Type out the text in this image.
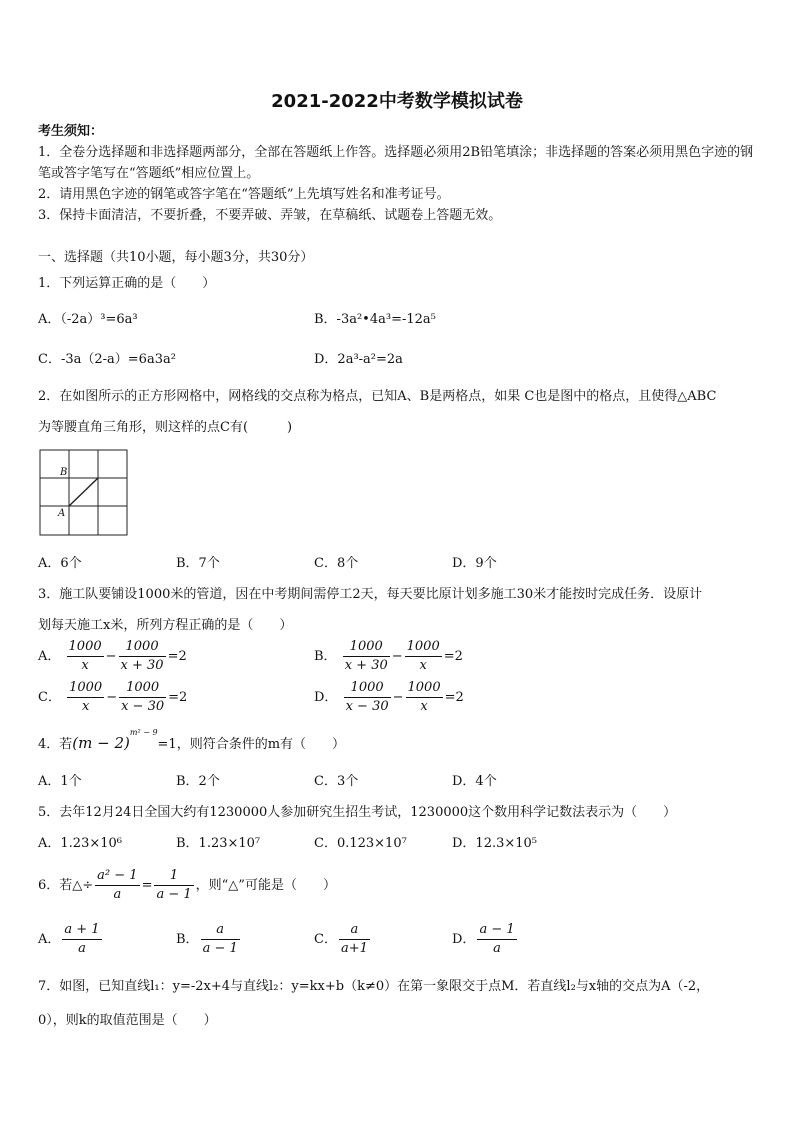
2021-2022中考数学模拟试卷
考生须知：
1．全卷分选择题和非选择题两部分，全部在答题纸上作答。选择题必须用2B铅笔填涂；非选择题的答案必须用黑色字迹的钢笔或答字笔写在“答题纸”相应位置上。
2．请用黑色字迹的钢笔或答字笔在“答题纸”上先填写姓名和准考证号。
3．保持卡面清洁，不要折叠，不要弄破、弄皱，在草稿纸、试题卷上答题无效。
一、选择题（共10小题，每小题3分，共30分）
1．下列运算正确的是（　　）
A．（-2a）³=6a³	B．-3a²•4a³=-12a⁵
C．-3a（2-a）=6a3a²	D．2a³-a²=2a
2．在如图所示的正方形网格中，网格线的交点称为格点，已知A、B是两格点，如果 C也是图中的格点，且使得△ABC
为等腰直角三角形，则这样的点C有(　　　)
B
A
A．6个	B．7个	C．8个	D．9个
3．施工队要铺设1000米的管道，因在中考期间需停工2天，每天要比原计划多施工30米才能按时完成任务．设原计
划每天施工x米，所列方程正确的是（　　）
A． $\frac{1000}{x} - \frac{1000}{x + 30} =2$	B． $\frac{1000}{x + 30} - \frac{1000}{x} =2$
C． $\frac{1000}{x} - \frac{1000}{x - 30} =2$	D． $\frac{1000}{x - 30} - \frac{1000}{x} =2$
4．若$(m - 2)^{m^2 - 9}=1$，则符合条件的m有（　　）
A．1个	B．2个	C．3个	D．4个
5．去年12月24日全国大约有1230000人参加研究生招生考试，1230000这个数用科学记数法表示为（　　）
A．1.23×10⁶	B．1.23×10⁷	C．0.123×10⁷	D．12.3×10⁵
6．若△÷ $\frac{\text{a² − 1}}{a} = \frac{1}{a - 1}$ ，则“△”可能是（　　）
A． $\frac{a + 1}{a}$	B． $\frac{a}{a - 1}$	C． $\frac{a}{a+1}$	D． $\frac{a - 1}{a}$
7．如图，已知直线l₁：y=-2x+4与直线l₂：y=kx+b（k≠0）在第一象限交于点M．若直线l₂与x轴的交点为A（-2，
0），则k的取值范围是（　　）
